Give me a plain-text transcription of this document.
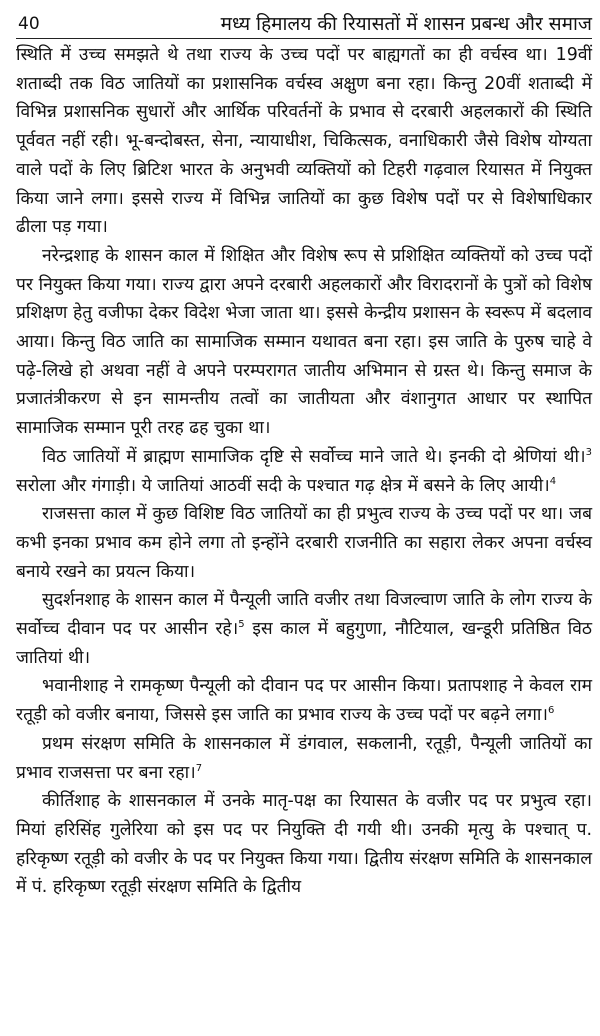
40	मध्य हिमालय की रियासतों में शासन प्रबन्ध और समाज

स्थिति में उच्च समझते थे तथा राज्य के उच्च पदों पर बाह्यगतों का ही वर्चस्व था। 19वीं शताब्दी तक विठ जातियों का प्रशासनिक वर्चस्व अक्षुण बना रहा। किन्तु 20वीं शताब्दी में विभिन्न प्रशासनिक सुधारों और आर्थिक परिवर्तनों के प्रभाव से दरबारी अहलकारों की स्थिति पूर्ववत नहीं रही। भू-बन्दोबस्त, सेना, न्यायाधीश, चिकित्सक, वनाधिकारी जैसे विशेष योग्यता वाले पदों के लिए ब्रिटिश भारत के अनुभवी व्यक्तियों को टिहरी गढ़वाल रियासत में नियुक्त किया जाने लगा। इससे राज्य में विभिन्न जातियों का कुछ विशेष पदों पर से विशेषाधिकार ढीला पड़ गया।

नरेन्द्रशाह के शासन काल में शिक्षित और विशेष रूप से प्रशिक्षित व्यक्तियों को उच्च पदों पर नियुक्त किया गया। राज्य द्वारा अपने दरबारी अहलकारों और विरादरानों के पुत्रों को विशेष प्रशिक्षण हेतु वजीफा देकर विदेश भेजा जाता था। इससे केन्द्रीय प्रशासन के स्वरूप में बदलाव आया। किन्तु विठ जाति का सामाजिक सम्मान यथावत बना रहा। इस जाति के पुरुष चाहे वे पढ़े-लिखे हो अथवा नहीं वे अपने परम्परागत जातीय अभिमान से ग्रस्त थे। किन्तु समाज के प्रजातंत्रीकरण से इन सामन्तीय तत्वों का जातीयता और वंशानुगत आधार पर स्थापित सामाजिक सम्मान पूरी तरह ढह चुका था।

विठ जातियों में ब्राह्मण सामाजिक दृष्टि से सर्वोच्च माने जाते थे। इनकी दो श्रेणियां थी।$^3$ सरोला और गंगाड़ी। ये जातियां आठवीं सदी के पश्चात गढ़ क्षेत्र में बसने के लिए आयी।$^4$

राजसत्ता काल में कुछ विशिष्ट विठ जातियों का ही प्रभुत्व राज्य के उच्च पदों पर था। जब कभी इनका प्रभाव कम होने लगा तो इन्होंने दरबारी राजनीति का सहारा लेकर अपना वर्चस्व बनाये रखने का प्रयत्न किया।

सुदर्शनशाह के शासन काल में पैन्यूली जाति वजीर तथा विजल्वाण जाति के लोग राज्य के सर्वोच्च दीवान पद पर आसीन रहे।$^5$ इस काल में बहुगुणा, नौटियाल, खन्डूरी प्रतिष्ठित विठ जातियां थी।

भवानीशाह ने रामकृष्ण पैन्यूली को दीवान पद पर आसीन किया। प्रतापशाह ने केवल राम रतूड़ी को वजीर बनाया, जिससे इस जाति का प्रभाव राज्य के उच्च पदों पर बढ़ने लगा।$^6$

प्रथम संरक्षण समिति के शासनकाल में डंगवाल, सकलानी, रतूड़ी, पैन्यूली जातियों का प्रभाव राजसत्ता पर बना रहा।$^7$

कीर्तिशाह के शासनकाल में उनके मातृ-पक्ष का रियासत के वजीर पद पर प्रभुत्व रहा। मियां हरिसिंह गुलेरिया को इस पद पर नियुक्ति दी गयी थी। उनकी मृत्यु के पश्चात् प. हरिकृष्ण रतूड़ी को वजीर के पद पर नियुक्त किया गया। द्वितीय संरक्षण समिति के शासनकाल में पं. हरिकृष्ण रतूड़ी संरक्षण समिति के द्वितीय
